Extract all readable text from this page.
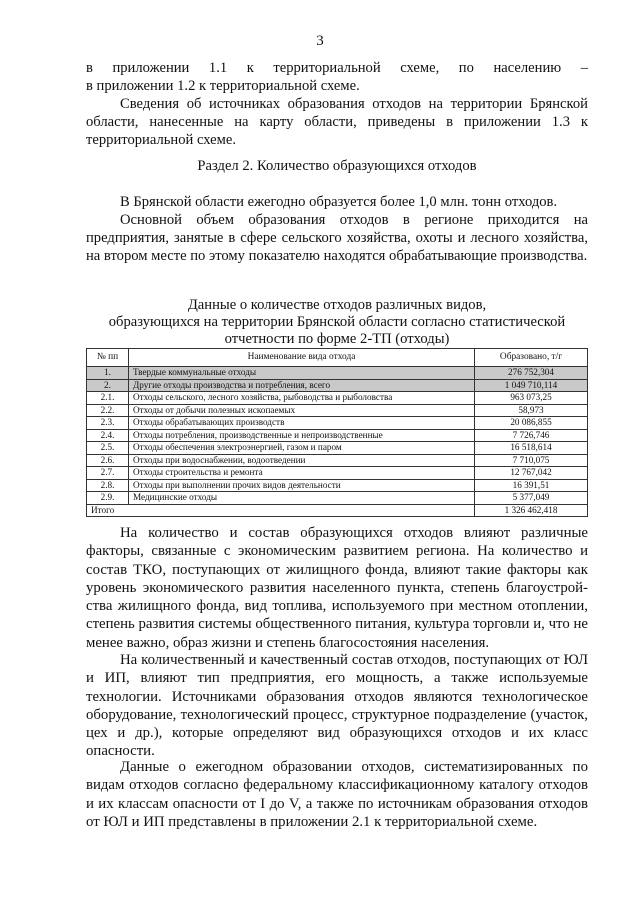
3
в приложении 1.1 к территориальной схеме, по населению –
в приложении 1.2 к территориальной схеме.
Сведения об источниках образования отходов на территории Брянской области, нанесенные на карту области, приведены в приложении 1.3 к территориальной схеме.
Раздел 2. Количество образующихся отходов
В Брянской области ежегодно образуется более 1,0 млн. тонн отходов.
Основной объем образования отходов в регионе приходится на предприятия, занятые в сфере сельского хозяйства, охоты и лесного хозяйства, на втором месте по этому показателю находятся обрабатывающие производства.
Данные о количестве отходов различных видов,
образующихся на территории Брянской области согласно статистической
отчетности по форме 2-ТП (отходы)
№ пп	Наименование вида отхода	Образовано, т/г
1.	Твердые коммунальные отходы	276 752,304
2.	Другие отходы производства и потребления, всего	1 049 710,114
2.1.	Отходы сельского, лесного хозяйства, рыбоводства и рыболовства	963 073,25
2.2.	Отходы от добычи полезных ископаемых	58,973
2.3.	Отходы обрабатывающих производств	20 086,855
2.4.	Отходы потребления, производственные и непроизводственные	7 726,746
2.5.	Отходы обеспечения электроэнергией, газом и паром	16 518,614
2.6.	Отходы при водоснабжении, водоотведении	7 710,075
2.7.	Отходы строительства и ремонта	12 767,042
2.8.	Отходы при выполнении прочих видов деятельности	16 391,51
2.9.	Медицинские отходы	5 377,049
Итого		1 326 462,418
На количество и состав образующихся отходов влияют различные факторы, связанные с экономическим развитием региона. На количество и состав ТКО, поступающих от жилищного фонда, влияют такие факторы как уровень экономического развития населенного пункта, степень благоустрой-ства жилищного фонда, вид топлива, используемого при местном отоплении, степень развития системы общественного питания, культура торговли и, что не менее важно, образ жизни и степень благосостояния населения.
На количественный и качественный состав отходов, поступающих от ЮЛ и ИП, влияют тип предприятия, его мощность, а также используемые технологии. Источниками образования отходов являются технологическое оборудование, технологический процесс, структурное подразделение (участок, цех и др.), которые определяют вид образующихся отходов и их класс опасности.
Данные о ежегодном образовании отходов, систематизированных по видам отходов согласно федеральному классификационному каталогу отходов и их классам опасности от I до V, а также по источникам образования отходов от ЮЛ и ИП представлены в приложении 2.1 к территориальной схеме.
